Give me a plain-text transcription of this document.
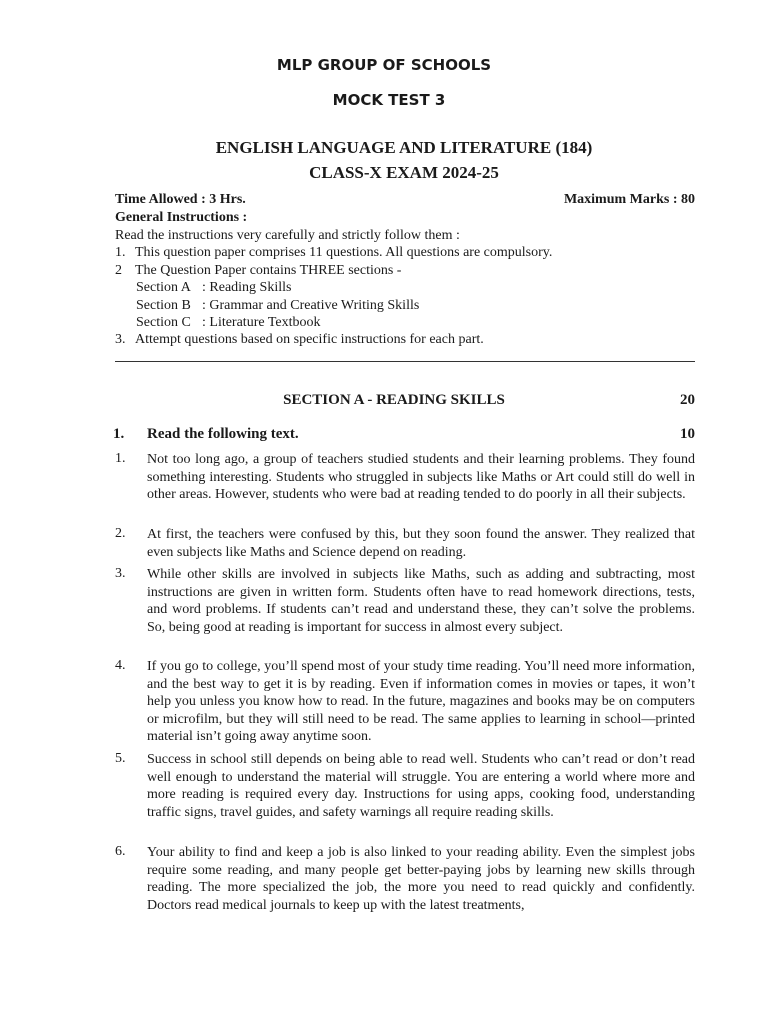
MLP GROUP OF SCHOOLS
MOCK TEST 3
ENGLISH LANGUAGE AND LITERATURE (184)
CLASS-X EXAM 2024-25
Time Allowed : 3 Hrs.	Maximum Marks : 80
General Instructions :
Read the instructions very carefully and strictly follow them :
1. This question paper comprises 11 questions. All questions are compulsory.
2 The Question Paper contains THREE sections -
Section A : Reading Skills
Section B : Grammar and Creative Writing Skills
Section C : Literature Textbook
3. Attempt questions based on specific instructions for each part.
SECTION A - READING SKILLS	20
1. Read the following text.	10
1. Not too long ago, a group of teachers studied students and their learning problems. They found something interesting. Students who struggled in subjects like Maths or Art could still do well in other areas. However, students who were bad at reading tended to do poorly in all their subjects.
2. At first, the teachers were confused by this, but they soon found the answer. They realized that even subjects like Maths and Science depend on reading.
3. While other skills are involved in subjects like Maths, such as adding and subtracting, most instructions are given in written form. Students often have to read homework directions, tests, and word problems. If students can’t read and understand these, they can’t solve the problems. So, being good at reading is important for success in almost every subject.
4. If you go to college, you’ll spend most of your study time reading. You’ll need more information, and the best way to get it is by reading. Even if information comes in movies or tapes, it won’t help you unless you know how to read. In the future, magazines and books may be on computers or microfilm, but they will still need to be read. The same applies to learning in school—printed material isn’t going away anytime soon.
5. Success in school still depends on being able to read well. Students who can’t read or don’t read well enough to understand the material will struggle. You are entering a world where more and more reading is required every day. Instructions for using apps, cooking food, understanding traffic signs, travel guides, and safety warnings all require reading skills.
6. Your ability to find and keep a job is also linked to your reading ability. Even the simplest jobs require some reading, and many people get better-paying jobs by learning new skills through reading. The more specialized the job, the more you need to read quickly and confidently. Doctors read medical journals to keep up with the latest treatments,
